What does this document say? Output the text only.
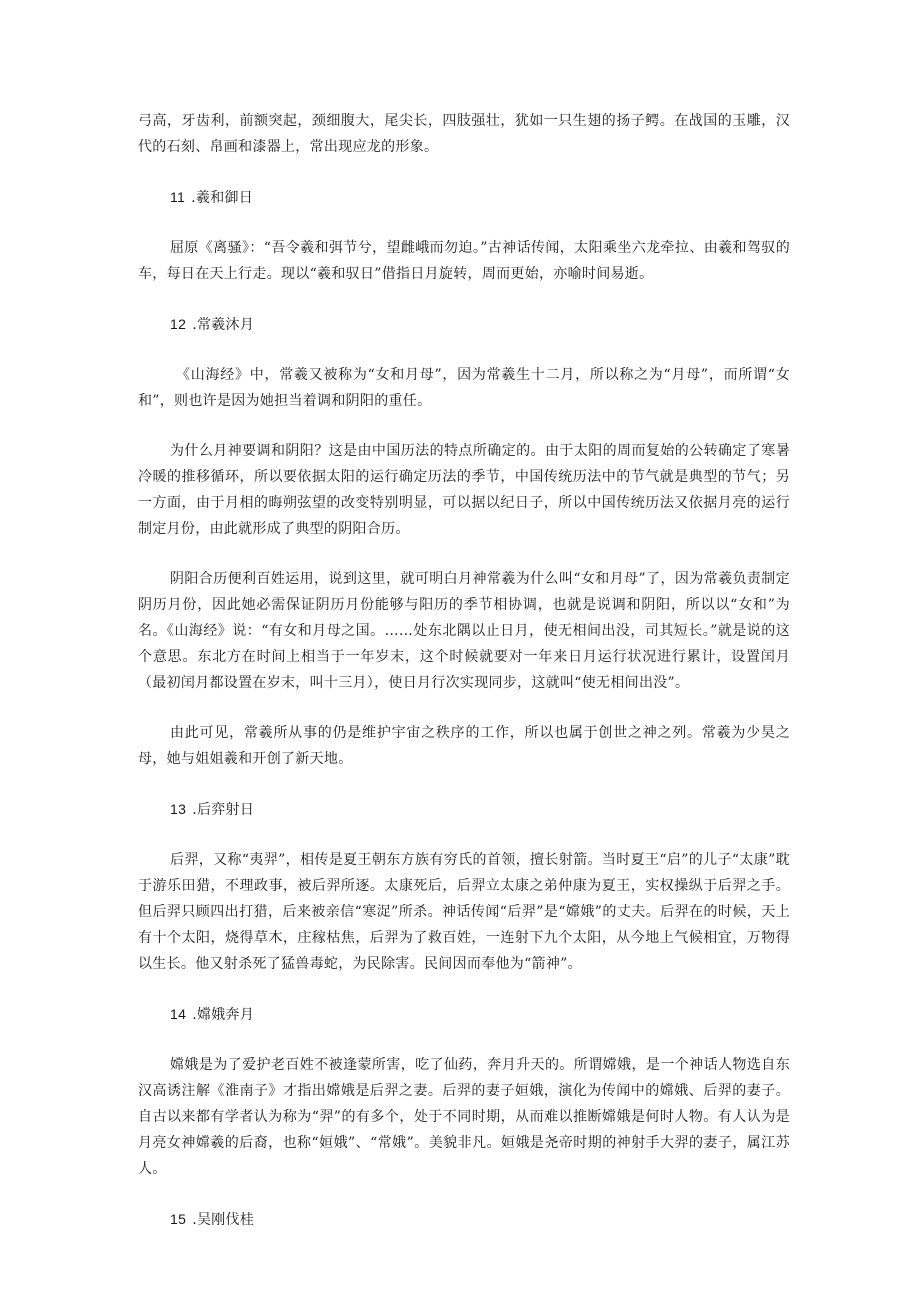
弓高，牙齿利，前额突起，颈细腹大，尾尖长，四肢强壮，犹如一只生翅的扬子鳄。在战国的玉雕，汉代的石刻、帛画和漆器上，常出现应龙的形象。

11 .羲和御日

屈原《离骚》：“吾令羲和弭节兮，望雌峨而勿迫。”古神话传闻，太阳乘坐六龙牵拉、由羲和驾驭的车，每日在天上行走。现以“羲和驭日”借指日月旋转，周而更始，亦喻时间易逝。

12 .常羲沐月

《山海经》中，常羲又被称为“女和月母”，因为常羲生十二月，所以称之为“月母”，而所谓“女和”，则也许是因为她担当着调和阴阳的重任。

为什么月神要调和阴阳？这是由中国历法的特点所确定的。由于太阳的周而复始的公转确定了寒暑冷暖的推移循环，所以要依据太阳的运行确定历法的季节，中国传统历法中的节气就是典型的节气；另一方面，由于月相的晦朔弦望的改变特别明显，可以据以纪日子，所以中国传统历法又依据月亮的运行制定月份，由此就形成了典型的阴阳合历。

阴阳合历便利百姓运用，说到这里，就可明白月神常羲为什么叫“女和月母”了，因为常羲负责制定阴历月份，因此她必需保证阴历月份能够与阳历的季节相协调，也就是说调和阴阳，所以以“女和”为名。《山海经》说：“有女和月母之国。……处东北隅以止日月，使无相间出没，司其短长。”就是说的这个意思。东北方在时间上相当于一年岁末，这个时候就要对一年来日月运行状况进行累计，设置闰月（最初闰月都设置在岁末，叫十三月），使日月行次实现同步，这就叫“使无相间出没”。

由此可见，常羲所从事的仍是维护宇宙之秩序的工作，所以也属于创世之神之列。常羲为少昊之母，她与姐姐羲和开创了新天地。

13 .后弈射日

后羿，又称“夷羿”，相传是夏王朝东方族有穷氏的首领，擅长射箭。当时夏王“启”的儿子“太康”耽于游乐田猎，不理政事，被后羿所逐。太康死后，后羿立太康之弟仲康为夏王，实权操纵于后羿之手。但后羿只顾四出打猎，后来被亲信“寒浞”所杀。神话传闻“后羿”是“嫦娥”的丈夫。后羿在的时候，天上有十个太阳，烧得草木，庄稼枯焦，后羿为了救百姓，一连射下九个太阳，从今地上气候相宜，万物得以生长。他又射杀死了猛兽毒蛇，为民除害。民间因而奉他为“箭神”。

14 .嫦娥奔月

嫦娥是为了爱护老百姓不被逢蒙所害，吃了仙药，奔月升天的。所谓嫦娥，是一个神话人物选自东汉高诱注解《淮南子》才指出嫦娥是后羿之妻。后羿的妻子姮娥，演化为传闻中的嫦娥、后羿的妻子。自古以来都有学者认为称为“羿”的有多个，处于不同时期，从而难以推断嫦娥是何时人物。有人认为是月亮女神嫦羲的后裔，也称“姮娥”、“常娥”。美貌非凡。姮娥是尧帝时期的神射手大羿的妻子，属江苏人。

15 .吴刚伐桂
